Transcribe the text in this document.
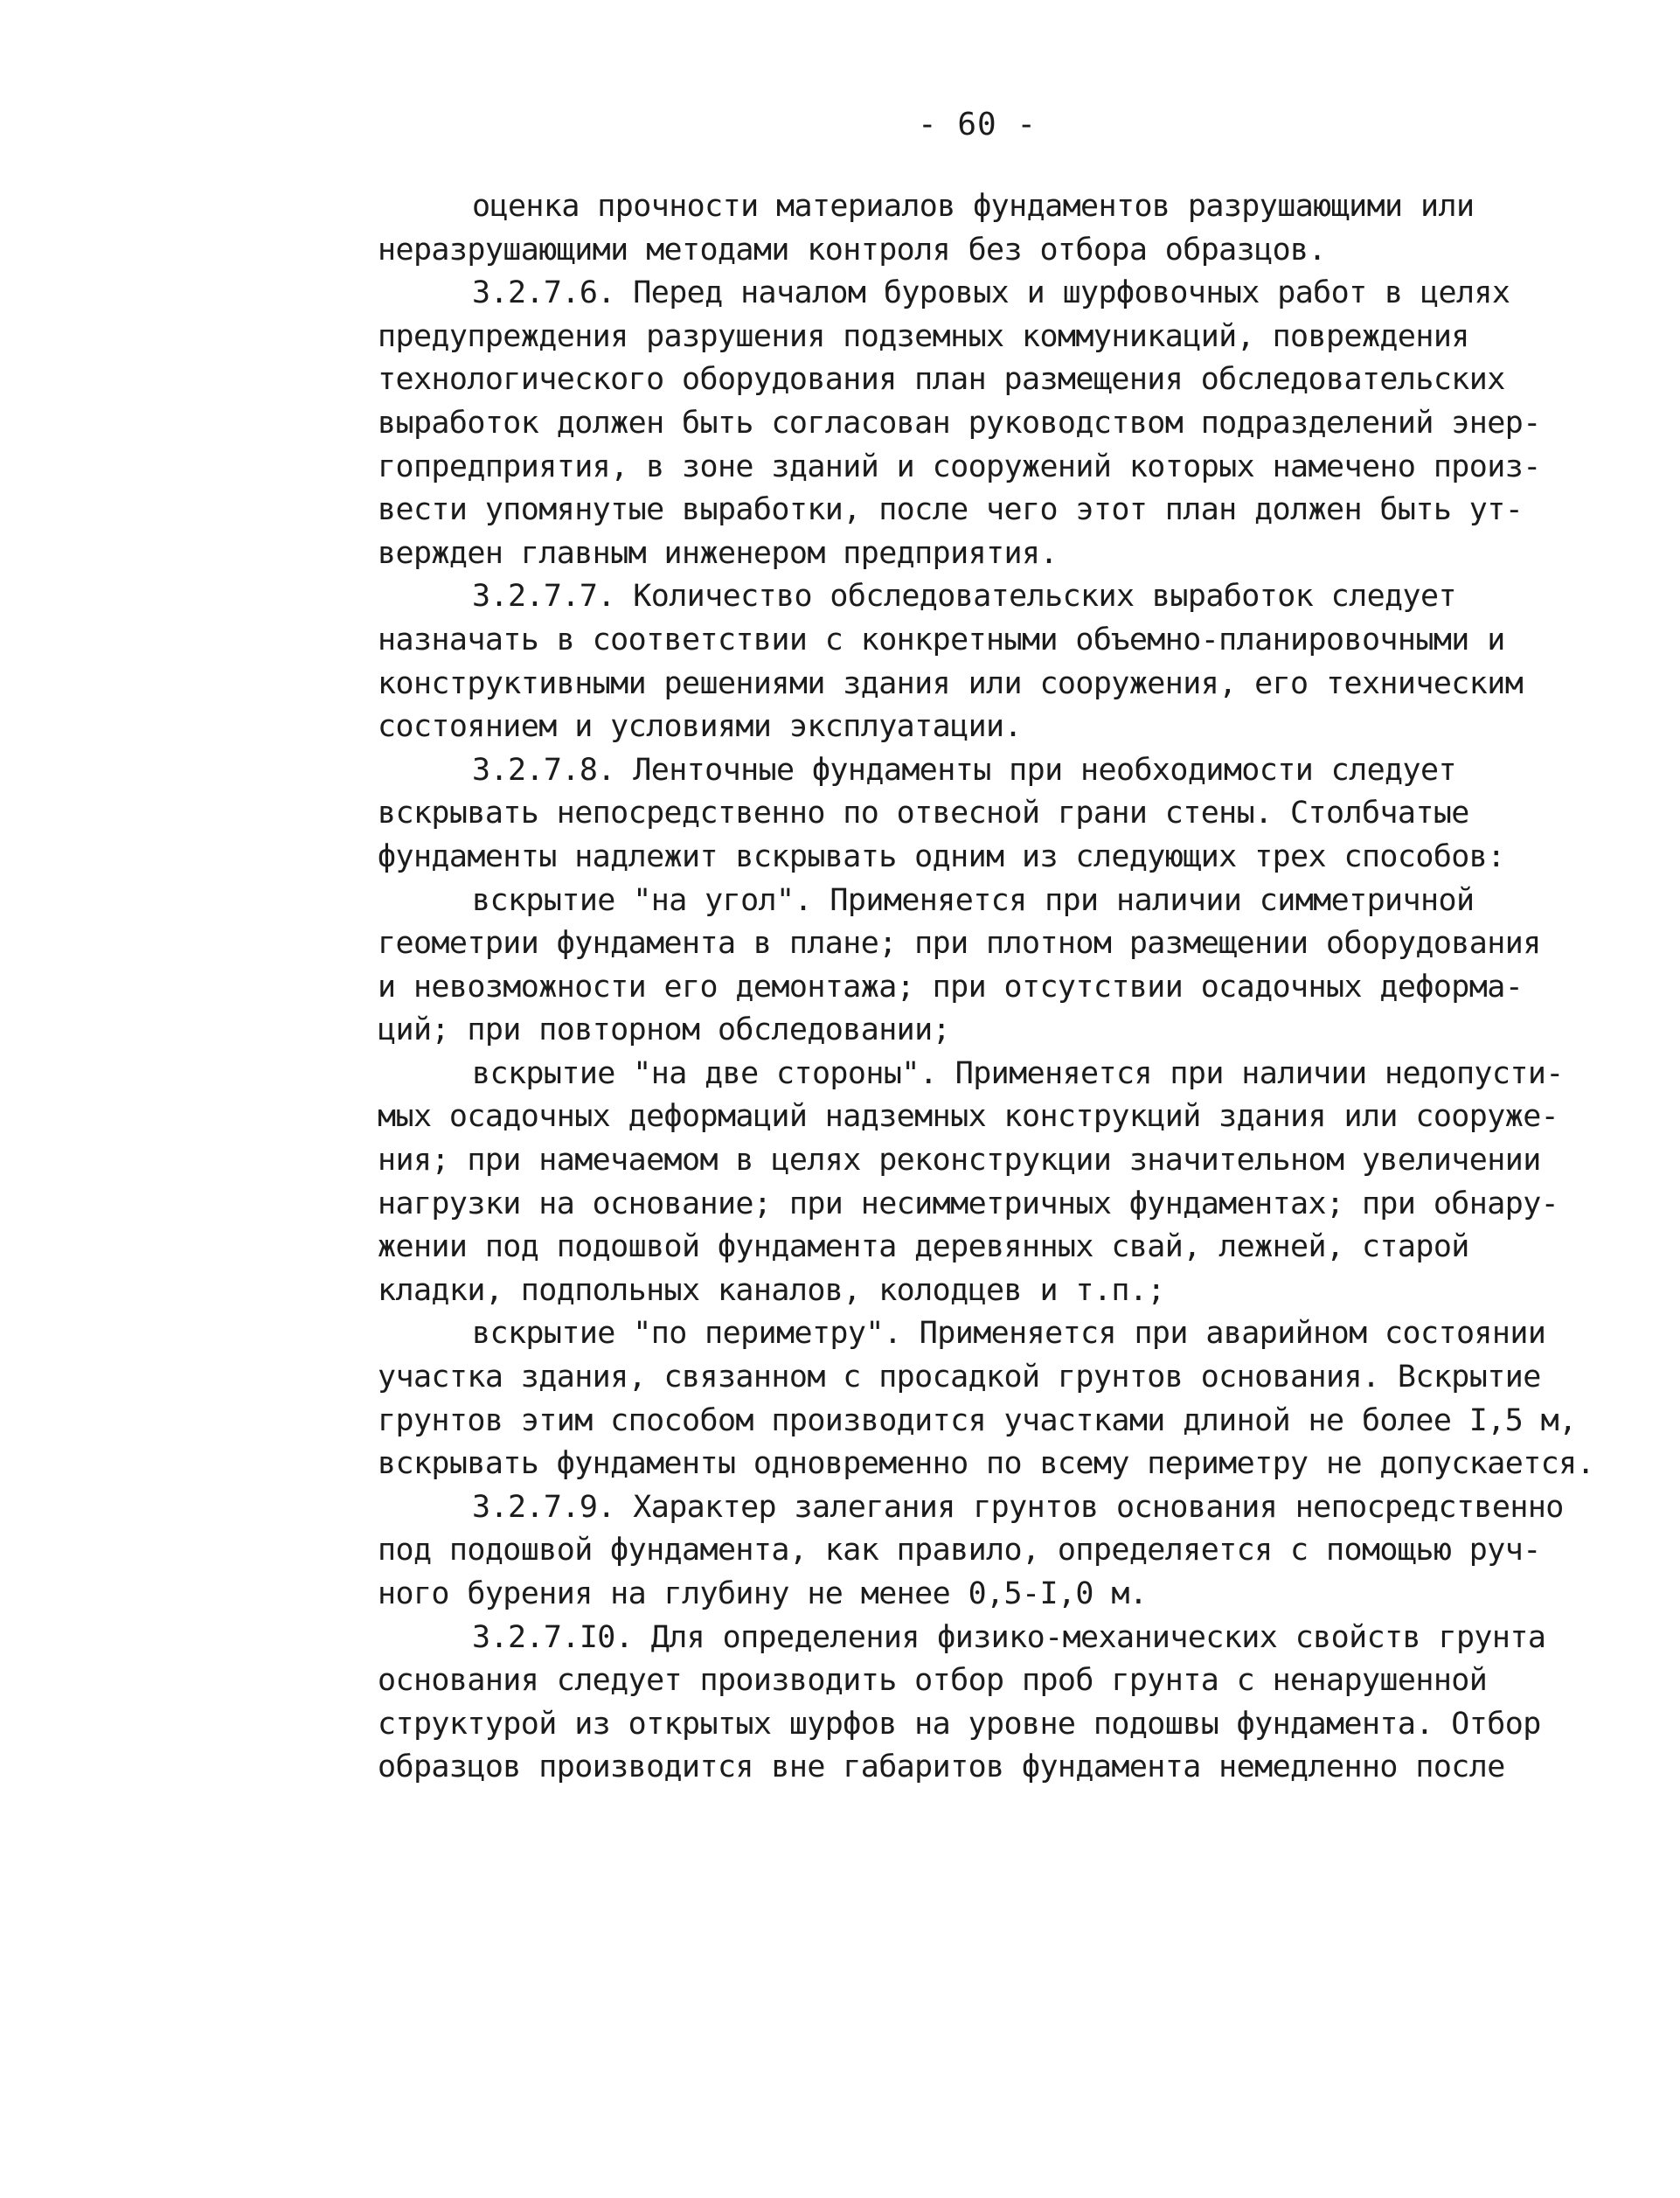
- 60 -
оценка прочности материалов фундаментов разрушающими или
неразрушающими методами контроля без отбора образцов.
3.2.7.6. Перед началом буровых и шурфовочных работ в целях
предупреждения разрушения подземных коммуникаций, повреждения
технологического оборудования план размещения обследовательских
выработок должен быть согласован руководством подразделений энер-
гопредприятия, в зоне зданий и сооружений которых намечено произ-
вести упомянутые выработки, после чего этот план должен быть ут-
вержден главным инженером предприятия.
3.2.7.7. Количество обследовательских выработок следует
назначать в соответствии с конкретными объемно-планировочными и
конструктивными решениями здания или сооружения, его техническим
состоянием и условиями эксплуатации.
3.2.7.8. Ленточные фундаменты при необходимости следует
вскрывать непосредственно по отвесной грани стены. Столбчатые
фундаменты надлежит вскрывать одним из следующих трех способов:
вскрытие "на угол". Применяется при наличии симметричной
геометрии фундамента в плане; при плотном размещении оборудования
и невозможности его демонтажа; при отсутствии осадочных деформа-
ций; при повторном обследовании;
вскрытие "на две стороны". Применяется при наличии недопусти-
мых осадочных деформаций надземных конструкций здания или сооруже-
ния; при намечаемом в целях реконструкции значительном увеличении
нагрузки на основание; при несимметричных фундаментах; при обнару-
жении под подошвой фундамента деревянных свай, лежней, старой
кладки, подпольных каналов, колодцев и т.п.;
вскрытие "по периметру". Применяется при аварийном состоянии
участка здания, связанном с просадкой грунтов основания. Вскрытие
грунтов этим способом производится участками длиной не более I,5 м,
вскрывать фундаменты одновременно по всему периметру не допускается.
3.2.7.9. Характер залегания грунтов основания непосредственно
под подошвой фундамента, как правило, определяется с помощью руч-
ного бурения на глубину не менее 0,5-I,0 м.
3.2.7.I0. Для определения физико-механических свойств грунта
основания следует производить отбор проб грунта с ненарушенной
структурой из открытых шурфов на уровне подошвы фундамента. Отбор
образцов производится вне габаритов фундамента немедленно после
